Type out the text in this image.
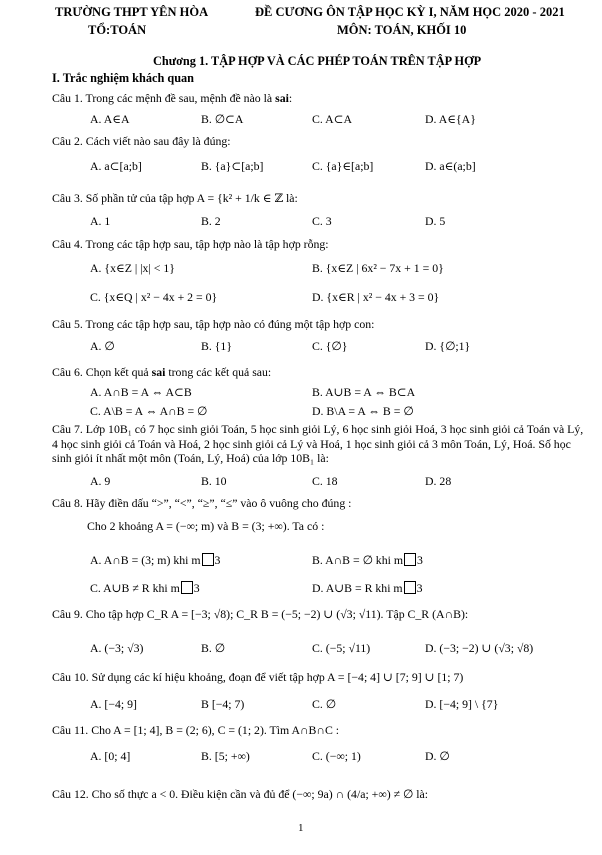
TRƯỜNG THPT YÊN HÒA
TỔ:TOÁN
ĐỀ CƯƠNG ÔN TẬP HỌC KỲ I, NĂM HỌC 2020 - 2021
MÔN: TOÁN, KHỐI 10
Chương 1. TẬP HỢP VÀ CÁC PHÉP TOÁN TRÊN TẬP HỢP
I. Trắc nghiệm khách quan
Câu 1. Trong các mệnh đề sau, mệnh đề nào là sai:
A. A∈A	B. ∅⊂A	C. A⊂A	D. A∈{A}
Câu 2. Cách viết nào sau đây là đúng:
A. a⊂[a;b]	B. {a}⊂[a;b]	C. {a}∈[a;b]	D. a∈(a;b]
Câu 3. Số phần tử của tập hợp A = {k² + 1/k ∈ ℤ là:
A. 1	B. 2	C. 3	D. 5
Câu 4. Trong các tập hợp sau, tập hợp nào là tập hợp rỗng:
A. {x∈Z | |x| < 1}	B. {x∈Z | 6x² − 7x + 1 = 0}
C. {x∈Q | x² − 4x + 2 = 0}	D. {x∈R | x² − 4x + 3 = 0}
Câu 5. Trong các tập hợp sau, tập hợp nào có đúng một tập hợp con:
A. ∅	B. {1}	C. {∅}	D. {∅;1}
Câu 6. Chọn kết quả sai trong các kết quả sau:
A. A∩B = A ⇔ A⊂B	B. A∪B = A ⇔ B⊂A
C. A\B = A ⇔ A∩B = ∅	D. B\A = A ⇔ B = ∅
Câu 7. Lớp 10B₁ có 7 học sinh giỏi Toán, 5 học sinh giỏi Lý, 6 học sinh giỏi Hoá, 3 học sinh giỏi cả Toán và Lý, 4 học sinh giỏi cả Toán và Hoá, 2 học sinh giỏi cả Lý và Hoá, 1 học sinh giỏi cả 3 môn Toán, Lý, Hoá. Số học sinh giỏi ít nhất một môn (Toán, Lý, Hoá) của lớp 10B₁ là:
A. 9	B. 10	C. 18	D. 28
Câu 8. Hãy điền dấu “>”, “<”, “≥”, “≤” vào ô vuông cho đúng :
Cho 2 khoảng A = (−∞; m) và B = (3; +∞). Ta có :
A. A∩B = (3; m) khi m 3	B. A∩B = ∅ khi m 3
C. A∪B ≠ R khi m 3	D. A∪B = R khi m 3
Câu 9. Cho tập hợp C_R A = [−3; √8); C_R B = (−5; −2) ∪ (√3; √11). Tập C_R (A∩B):
A. (−3; √3)	B. ∅	C. (−5; √11)	D. (−3; −2) ∪ (√3; √8)
Câu 10. Sử dụng các kí hiệu khoảng, đoạn để viết tập hợp A = [−4; 4] ∪ [7; 9] ∪ [1; 7)
A. [−4; 9]	B [−4; 7)	C. ∅	D. [−4; 9] \ {7}
Câu 11. Cho A = [1; 4], B = (2; 6), C = (1; 2). Tìm A∩B∩C :
A. [0; 4]	B. [5; +∞)	C. (−∞; 1)	D. ∅
Câu 12. Cho số thực a < 0. Điều kiện cần và đủ để (−∞; 9a) ∩ (4/a; +∞) ≠ ∅ là:
1
